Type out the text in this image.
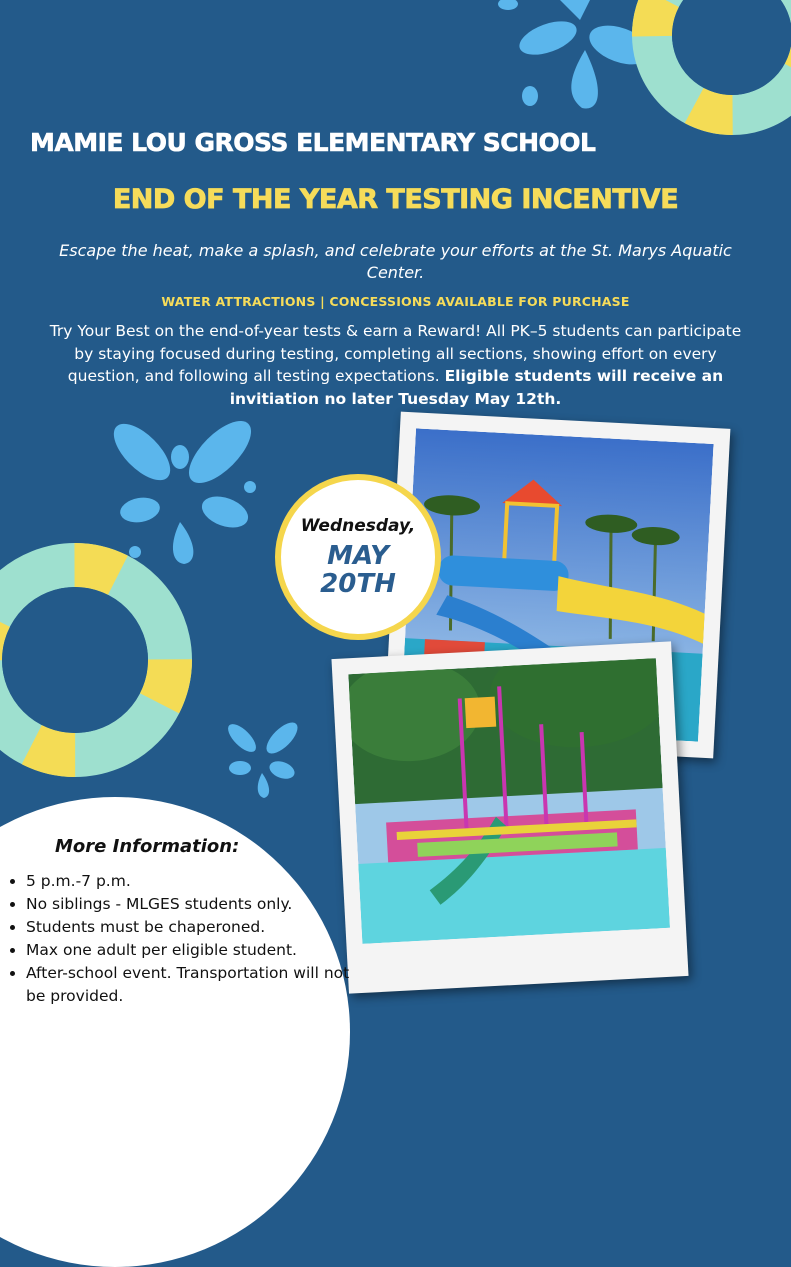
MAMIE LOU GROSS ELEMENTARY SCHOOL
END OF THE YEAR TESTING INCENTIVE
Escape the heat, make a splash, and celebrate your efforts at the St. Marys Aquatic Center.
WATER ATTRACTIONS | CONCESSIONS AVAILABLE FOR PURCHASE
Try Your Best on the end-of-year tests & earn a Reward! All PK–5 students can participate by staying focused during testing, completing all sections, showing effort on every question, and following all testing expectations. Eligible students will receive an invitiation no later Tuesday May 12th.
Wednesday,
MAY 20TH
More Information:
• 5 p.m.-7 p.m.
• No siblings - MLGES students only.
• Students must be chaperoned.
• Max one adult per eligible student.
• After-school event. Transportation will not be provided.
